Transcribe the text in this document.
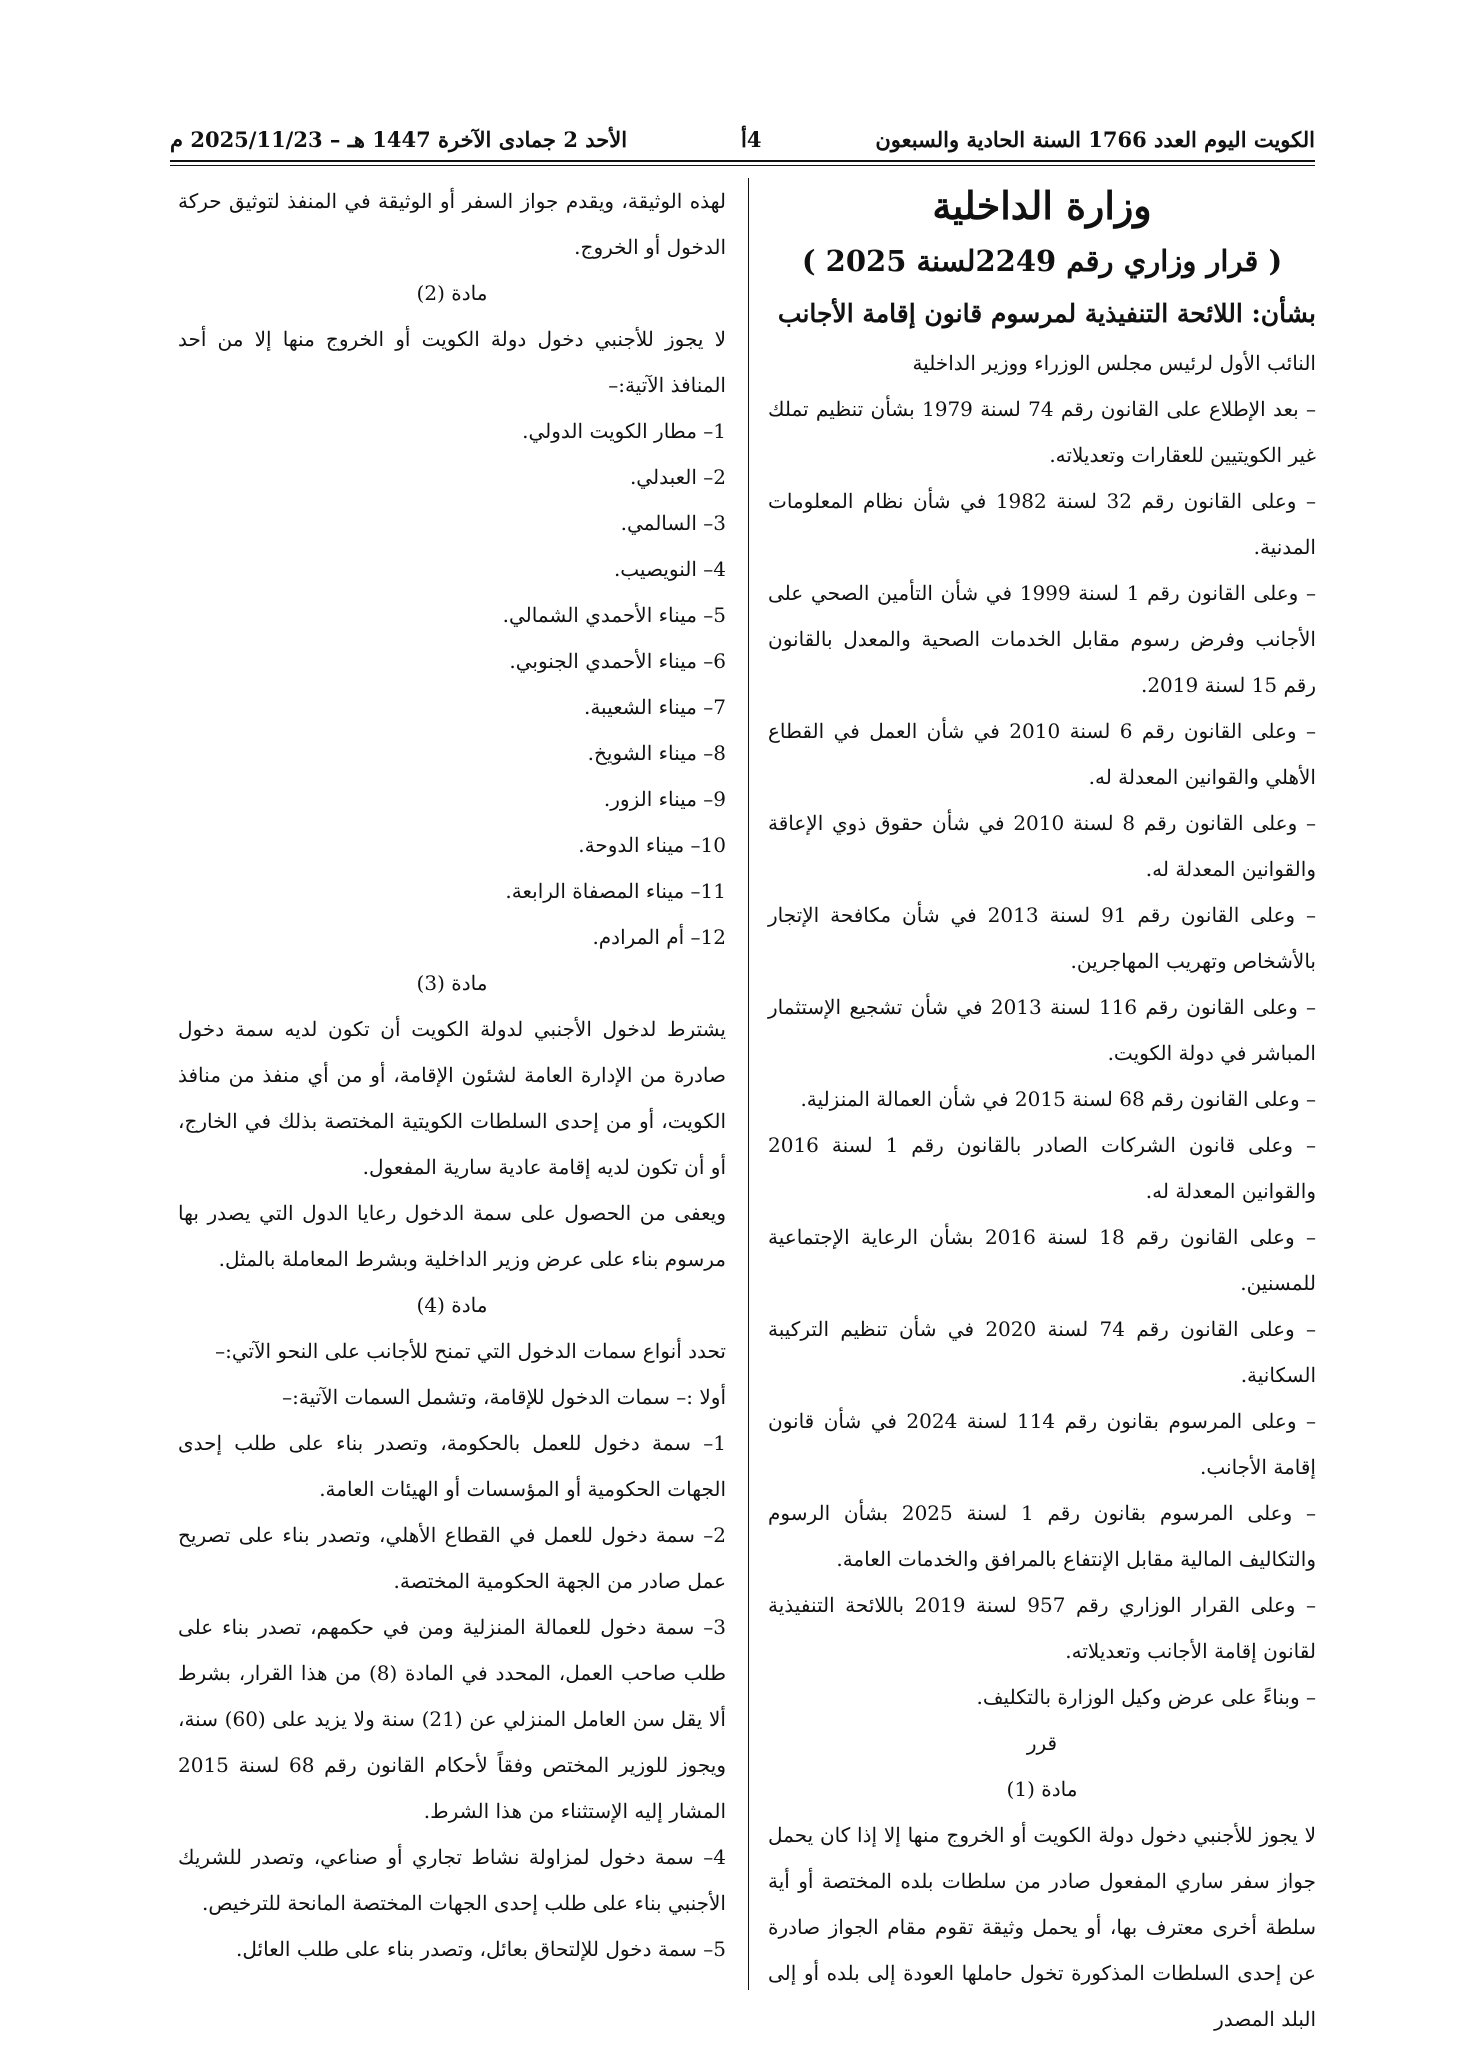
الكويت اليوم العدد 1766 السنة الحادية والسبعون
4أ
الأحد 2 جمادى الآخرة 1447 هـ – 2025/11/23 م

وزارة الداخلية

( قرار وزاري رقم 2249لسنة 2025 )

بشأن: اللائحة التنفيذية لمرسوم قانون إقامة الأجانب

النائب الأول لرئيس مجلس الوزراء ووزير الداخلية

– بعد الإطلاع على القانون رقم 74 لسنة 1979 بشأن تنظيم تملك غير الكويتيين للعقارات وتعديلاته.

– وعلى القانون رقم 32 لسنة 1982 في شأن نظام المعلومات المدنية.

– وعلى القانون رقم 1 لسنة 1999 في شأن التأمين الصحي على الأجانب وفرض رسوم مقابل الخدمات الصحية والمعدل بالقانون رقم 15 لسنة 2019.

– وعلى القانون رقم 6 لسنة 2010 في شأن العمل في القطاع الأهلي والقوانين المعدلة له.

– وعلى القانون رقم 8 لسنة 2010 في شأن حقوق ذوي الإعاقة والقوانين المعدلة له.

– وعلى القانون رقم 91 لسنة 2013 في شأن مكافحة الإتجار بالأشخاص وتهريب المهاجرين.

– وعلى القانون رقم 116 لسنة 2013 في شأن تشجيع الإستثمار المباشر في دولة الكويت.

– وعلى القانون رقم 68 لسنة 2015 في شأن العمالة المنزلية.

– وعلى قانون الشركات الصادر بالقانون رقم 1 لسنة 2016 والقوانين المعدلة له.

– وعلى القانون رقم 18 لسنة 2016 بشأن الرعاية الإجتماعية للمسنين.

– وعلى القانون رقم 74 لسنة 2020 في شأن تنظيم التركيبة السكانية.

– وعلى المرسوم بقانون رقم 114 لسنة 2024 في شأن قانون إقامة الأجانب.

– وعلى المرسوم بقانون رقم 1 لسنة 2025 بشأن الرسوم والتكاليف المالية مقابل الإنتفاع بالمرافق والخدمات العامة.

– وعلى القرار الوزاري رقم 957 لسنة 2019 باللائحة التنفيذية لقانون إقامة الأجانب وتعديلاته.

– وبناءً على عرض وكيل الوزارة بالتكليف.

قرر

مادة (1)

لا يجوز للأجنبي دخول دولة الكويت أو الخروج منها إلا إذا كان يحمل جواز سفر ساري المفعول صادر من سلطات بلده المختصة أو أية سلطة أخرى معترف بها، أو يحمل وثيقة تقوم مقام الجواز صادرة عن إحدى السلطات المذكورة تخول حاملها العودة إلى بلده أو إلى البلد المصدر

لهذه الوثيقة، ويقدم جواز السفر أو الوثيقة في المنفذ لتوثيق حركة الدخول أو الخروج.

مادة (2)

لا يجوز للأجنبي دخول دولة الكويت أو الخروج منها إلا من أحد المنافذ الآتية:–

1– مطار الكويت الدولي.

2– العبدلي.

3– السالمي.

4– النويصيب.

5– ميناء الأحمدي الشمالي.

6– ميناء الأحمدي الجنوبي.

7– ميناء الشعيبة.

8– ميناء الشويخ.

9– ميناء الزور.

10– ميناء الدوحة.

11– ميناء المصفاة الرابعة.

12– أم المرادم.

مادة (3)

يشترط لدخول الأجنبي لدولة الكويت أن تكون لديه سمة دخول صادرة من الإدارة العامة لشئون الإقامة، أو من أي منفذ من منافذ الكويت، أو من إحدى السلطات الكويتية المختصة بذلك في الخارج، أو أن تكون لديه إقامة عادية سارية المفعول.

ويعفى من الحصول على سمة الدخول رعايا الدول التي يصدر بها مرسوم بناء على عرض وزير الداخلية وبشرط المعاملة بالمثل.

مادة (4)

تحدد أنواع سمات الدخول التي تمنح للأجانب على النحو الآتي:–

أولا :– سمات الدخول للإقامة، وتشمل السمات الآتية:–

1– سمة دخول للعمل بالحكومة، وتصدر بناء على طلب إحدى الجهات الحكومية أو المؤسسات أو الهيئات العامة.

2– سمة دخول للعمل في القطاع الأهلي، وتصدر بناء على تصريح عمل صادر من الجهة الحكومية المختصة.

3– سمة دخول للعمالة المنزلية ومن في حكمهم، تصدر بناء على طلب صاحب العمل، المحدد في المادة (8) من هذا القرار، بشرط ألا يقل سن العامل المنزلي عن (21) سنة ولا يزيد على (60) سنة، ويجوز للوزير المختص وفقاً لأحكام القانون رقم 68 لسنة 2015 المشار إليه الإستثناء من هذا الشرط.

4– سمة دخول لمزاولة نشاط تجاري أو صناعي، وتصدر للشريك الأجنبي بناء على طلب إحدى الجهات المختصة المانحة للترخيص.

5– سمة دخول للإلتحاق بعائل، وتصدر بناء على طلب العائل.
